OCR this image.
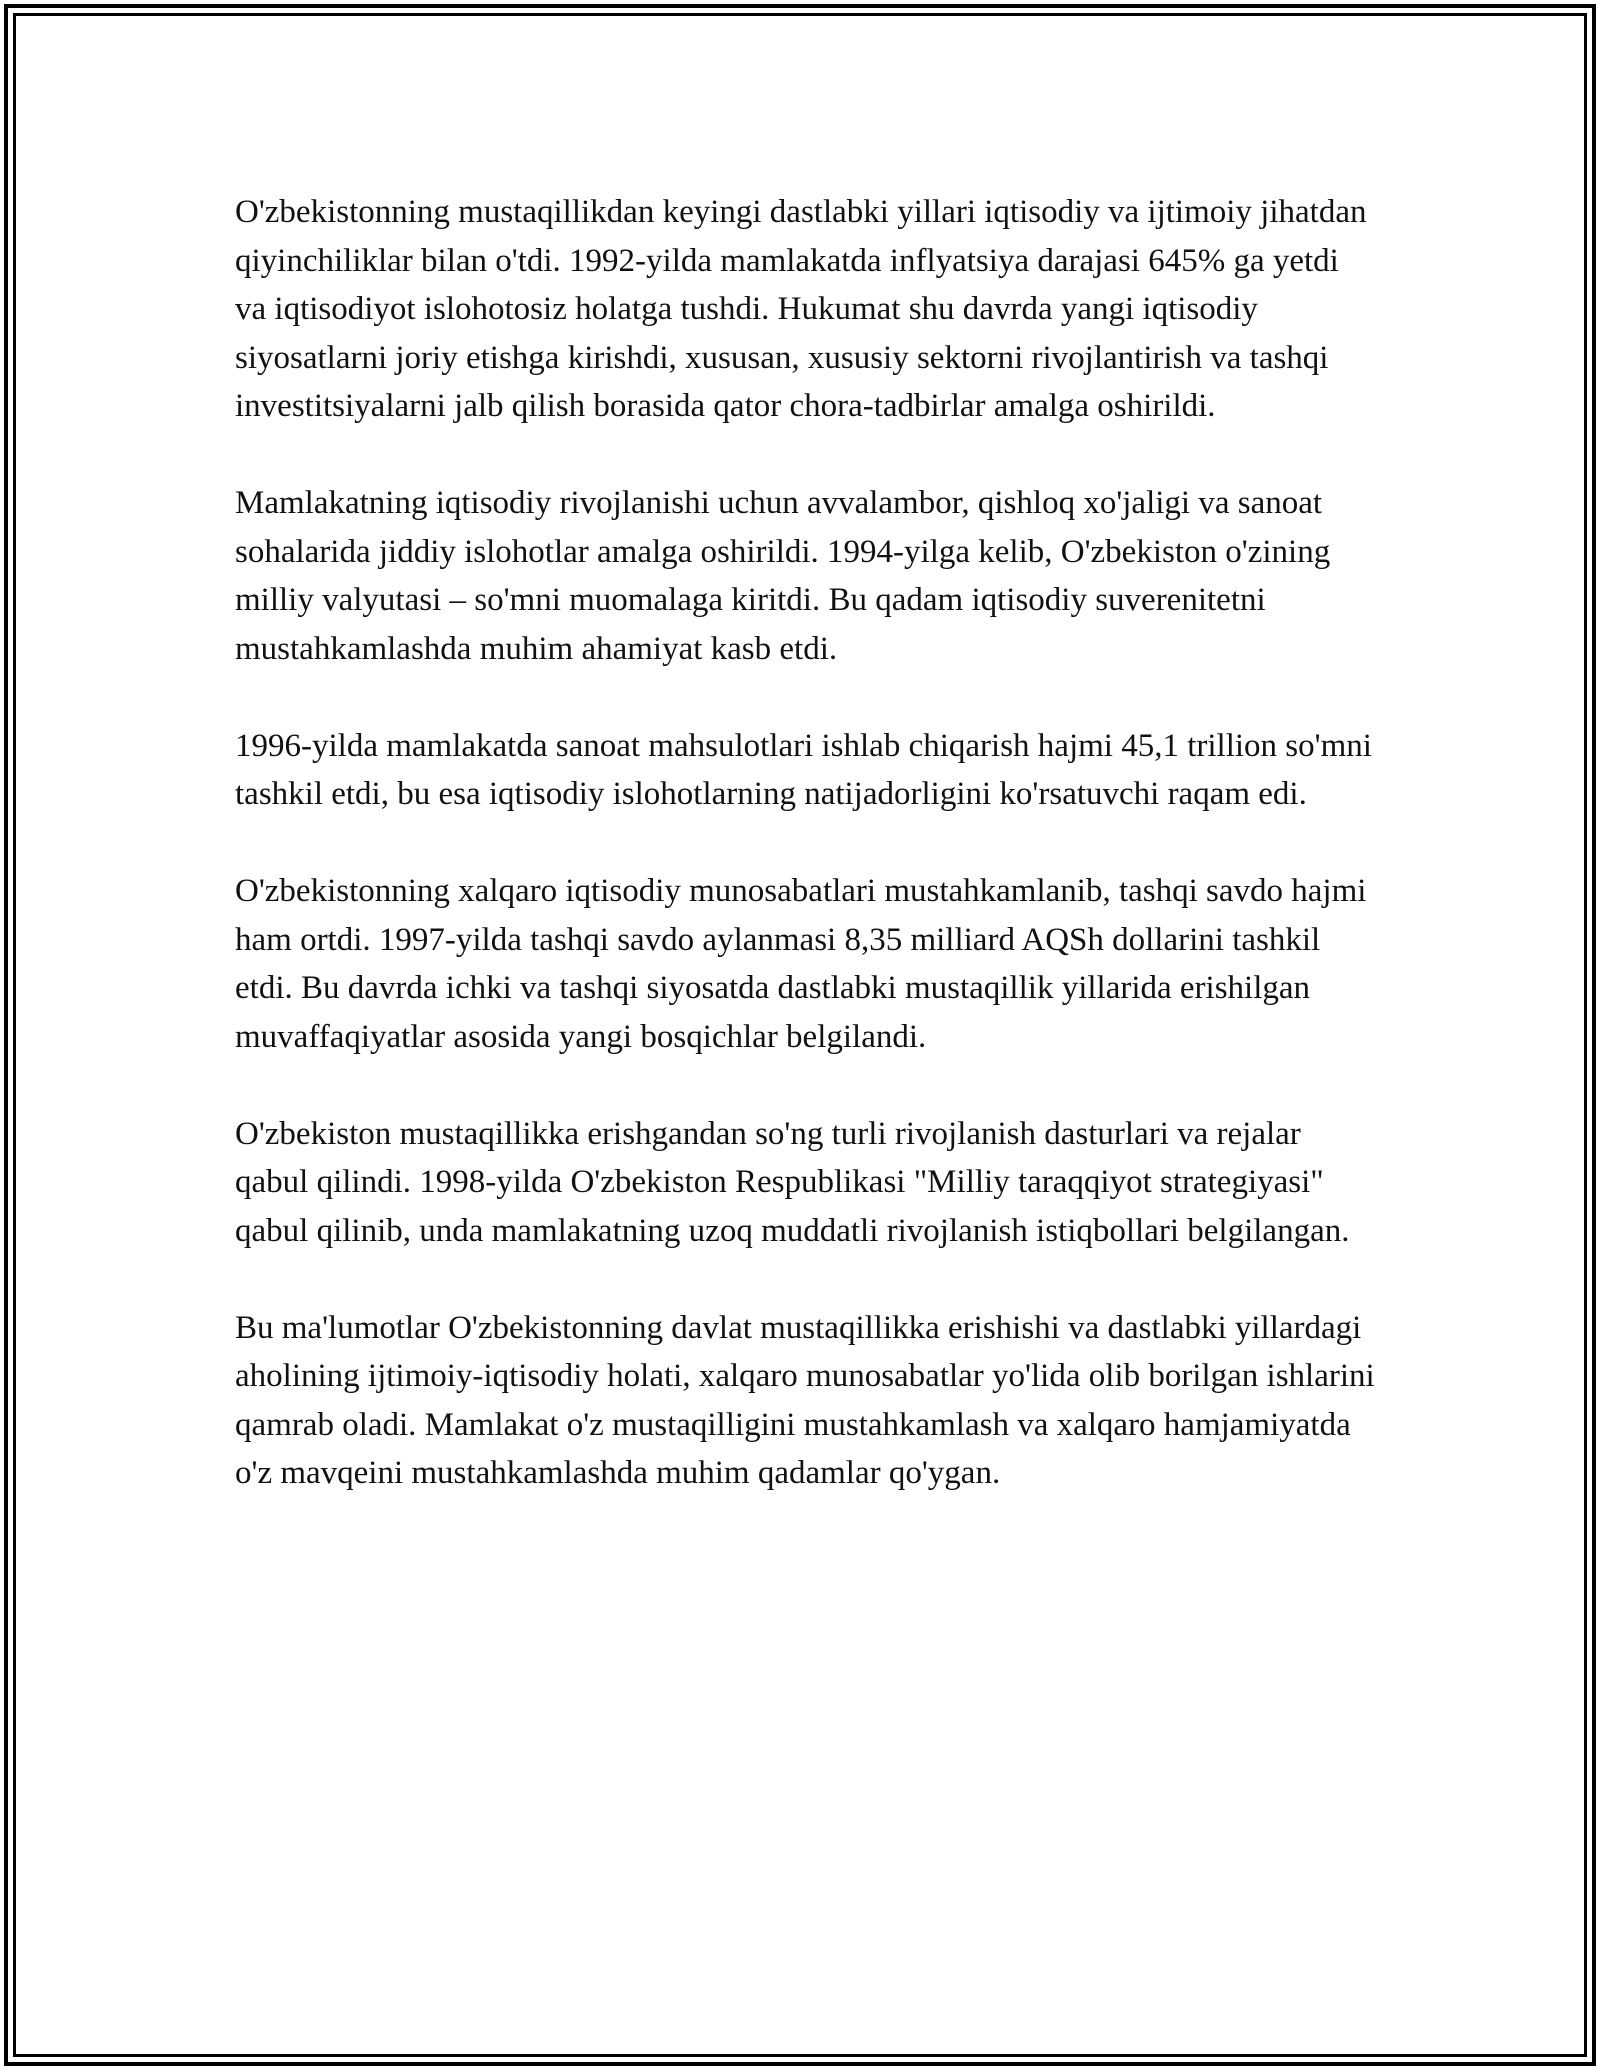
O'zbekistonning mustaqillikdan keyingi dastlabki yillari iqtisodiy va ijtimoiy jihatdan qiyinchiliklar bilan o'tdi. 1992-yilda mamlakatda inflyatsiya darajasi 645% ga yetdi va iqtisodiyot islohotosiz holatga tushdi. Hukumat shu davrda yangi iqtisodiy siyosatlarni joriy etishga kirishdi, xususan, xususiy sektorni rivojlantirish va tashqi investitsiyalarni jalb qilish borasida qator chora-tadbirlar amalga oshirildi.

Mamlakatning iqtisodiy rivojlanishi uchun avvalambor, qishloq xo'jaligi va sanoat sohalarida jiddiy islohotlar amalga oshirildi. 1994-yilga kelib, O'zbekiston o'zining milliy valyutasi – so'mni muomalaga kiritdi. Bu qadam iqtisodiy suverenitetni mustahkamlashda muhim ahamiyat kasb etdi.

1996-yilda mamlakatda sanoat mahsulotlari ishlab chiqarish hajmi 45,1 trillion so'mni tashkil etdi, bu esa iqtisodiy islohotlarning natijadorligini ko'rsatuvchi raqam edi.

O'zbekistonning xalqaro iqtisodiy munosabatlari mustahkamlanib, tashqi savdo hajmi ham ortdi. 1997-yilda tashqi savdo aylanmasi 8,35 milliard AQSh dollarini tashkil etdi. Bu davrda ichki va tashqi siyosatda dastlabki mustaqillik yillarida erishilgan muvaffaqiyatlar asosida yangi bosqichlar belgilandi.

O'zbekiston mustaqillikka erishgandan so'ng turli rivojlanish dasturlari va rejalar qabul qilindi. 1998-yilda O'zbekiston Respublikasi "Milliy taraqqiyot strategiyasi" qabul qilinib, unda mamlakatning uzoq muddatli rivojlanish istiqbollari belgilangan.

Bu ma'lumotlar O'zbekistonning davlat mustaqillikka erishishi va dastlabki yillardagi aholining ijtimoiy-iqtisodiy holati, xalqaro munosabatlar yo'lida olib borilgan ishlarini qamrab oladi. Mamlakat o'z mustaqilligini mustahkamlash va xalqaro hamjamiyatda o'z mavqeini mustahkamlashda muhim qadamlar qo'ygan.
